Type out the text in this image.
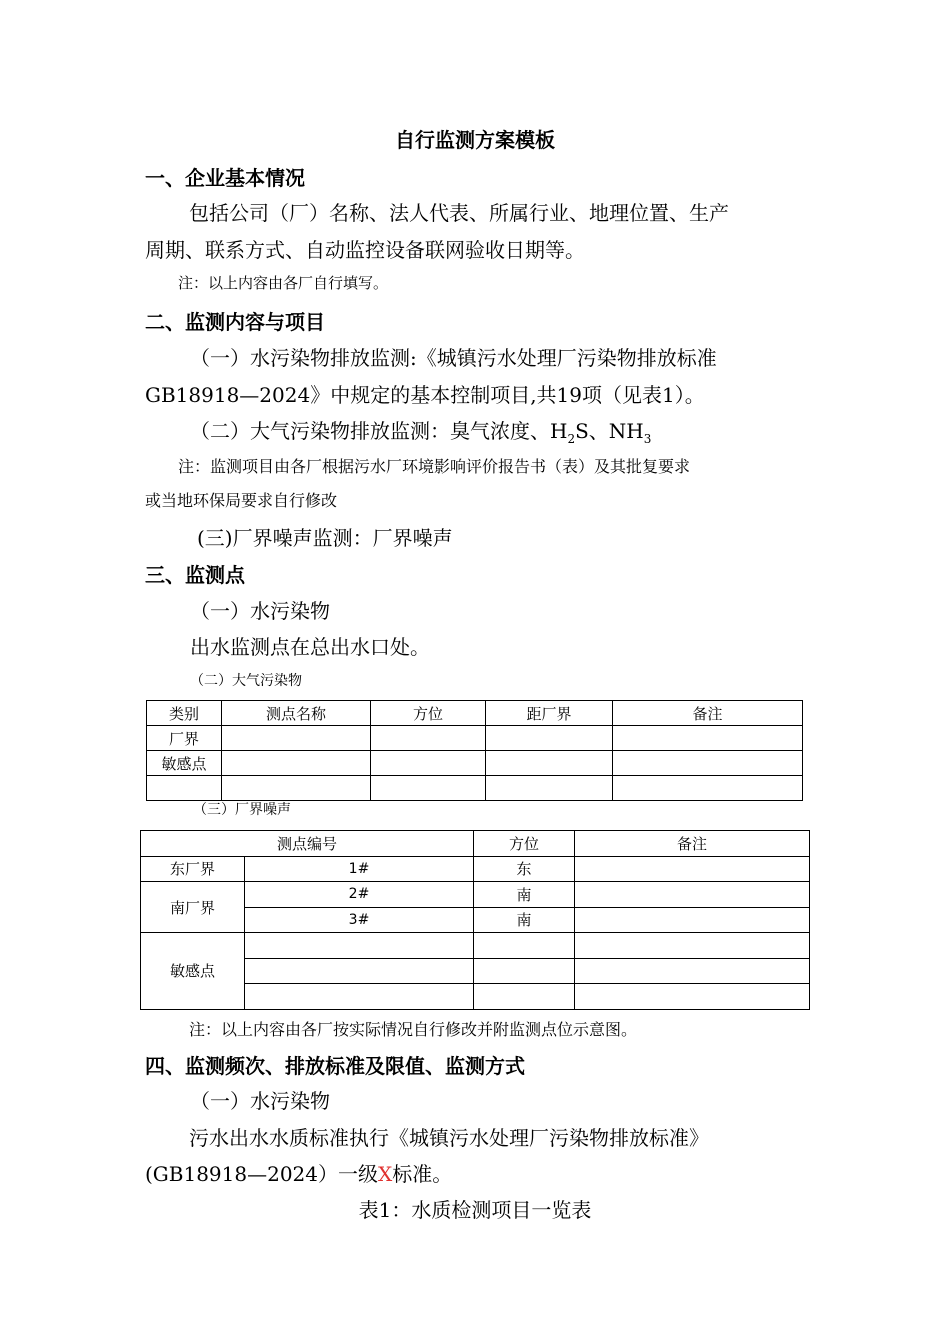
自行监测方案模板
一、企业基本情况
包括公司（厂）名称、法人代表、所属行业、地理位置、生产
周期、联系方式、自动监控设备联网验收日期等。
注：以上内容由各厂自行填写。
二、监测内容与项目
（一）水污染物排放监测:《城镇污水处理厂污染物排放标准
GB18918—2024》中规定的基本控制项目,共19项（见表1）。
（二）大气污染物排放监测：臭气浓度、$H_2S$、$NH_3$
注：监测项目由各厂根据污水厂环境影响评价报告书（表）及其批复要求
或当地环保局要求自行修改
(三)厂界噪声监测：厂界噪声
三、监测点
（一）水污染物
出水监测点在总出水口处。
（二）大气污染物
类别	测点名称	方位	距厂界	备注
厂界				
敏感点				

（三）厂界噪声
测点编号		方位	备注
东厂界	1#	东	
南厂界	2#	南	
	3#	南	
敏感点			

注：以上内容由各厂按实际情况自行修改并附监测点位示意图。
四、监测频次、排放标准及限值、监测方式
（一）水污染物
污水出水水质标准执行《城镇污水处理厂污染物排放标准》
(GB18918—2024）一级X标准。
表1：水质检测项目一览表
